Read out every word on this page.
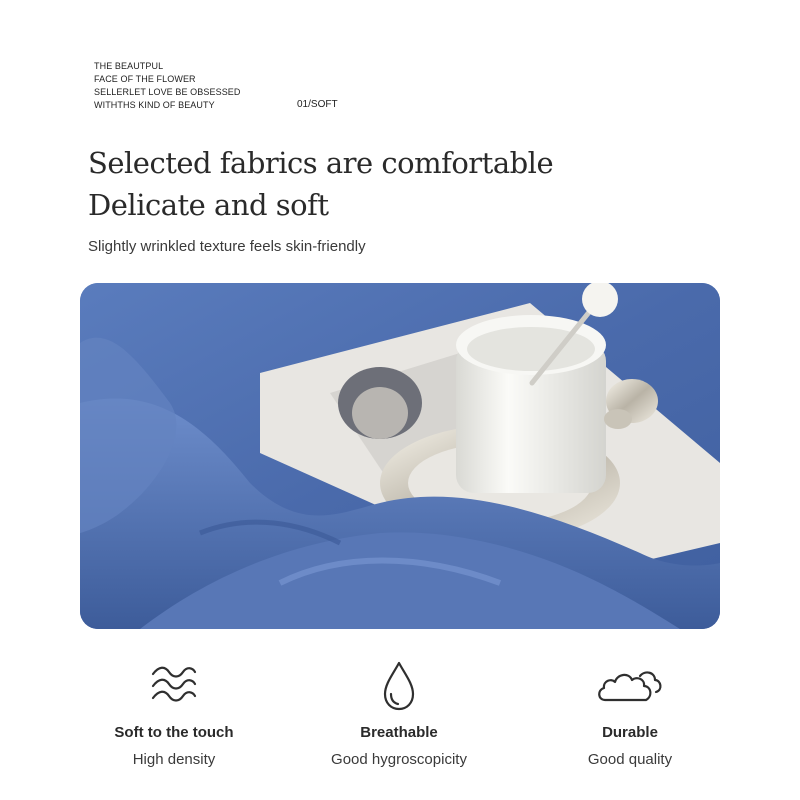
THE BEAUTPUL
FACE OF THE FLOWER
SELLERLET LOVE BE OBSESSED
WITHTHS KIND OF BEAUTY	01/SOFT
Selected fabrics are comfortable
Delicate and soft
Slightly wrinkled texture feels skin-friendly
Soft to the touch
High density
Breathable
Good hygroscopicity
Durable
Good quality
